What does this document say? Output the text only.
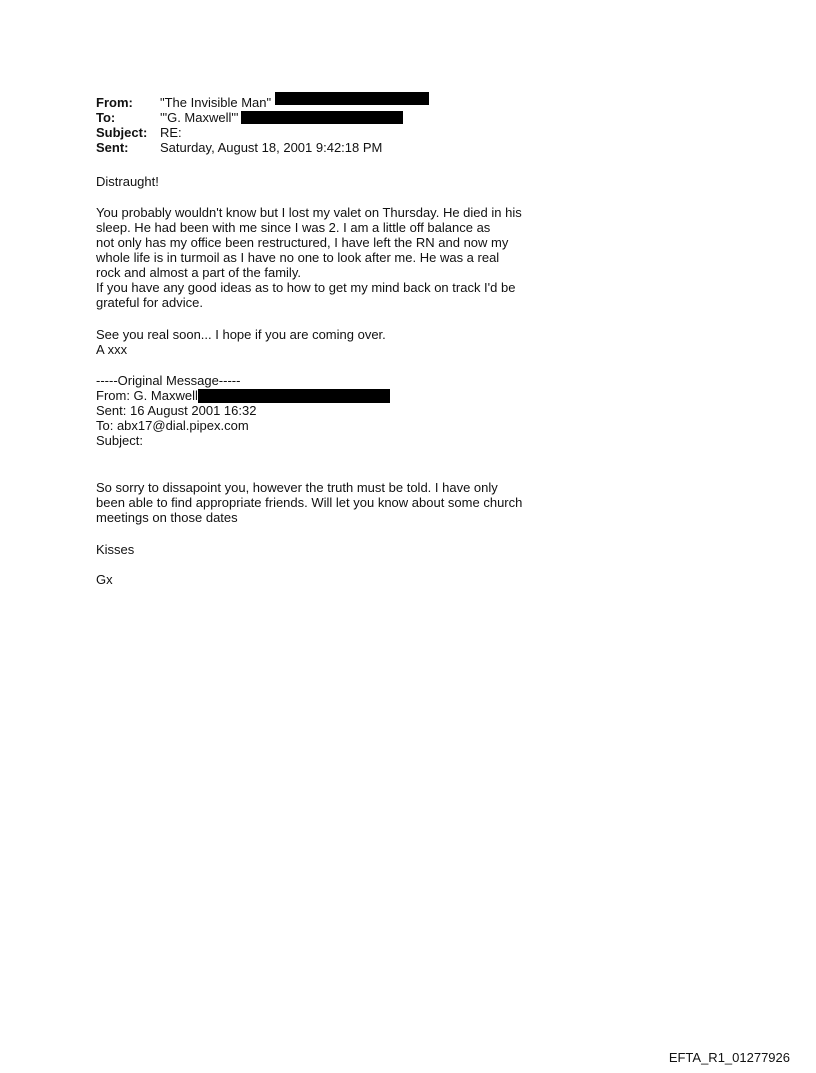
From: "The Invisible Man"
To:	'"G. Maxwell"'
Subject: RE:
Sent: Saturday, August 18, 2001 9:42:18 PM
Distraught!
You probably wouldn't know but I lost my valet on Thursday. He died in his
sleep. He had been with me since I was 2. I am a little off balance as
not only has my office been restructured, I have left the RN and now my
whole life is in turmoil as I have no one to look after me. He was a real
rock and almost a part of the family.
If you have any good ideas as to how to get my mind back on track I'd be
grateful for advice.
See you real soon... I hope if you are coming over.
A xxx
-----Original Message-----
From: G. Maxwell
Sent: 16 August 2001 16:32
To: abx17@dial.pipex.com
Subject:
So sorry to dissapoint you, however the truth must be told. I have only
been able to find appropriate friends. Will let you know about some church
meetings on those dates
Kisses
Gx
EFTA_R1_01277926
